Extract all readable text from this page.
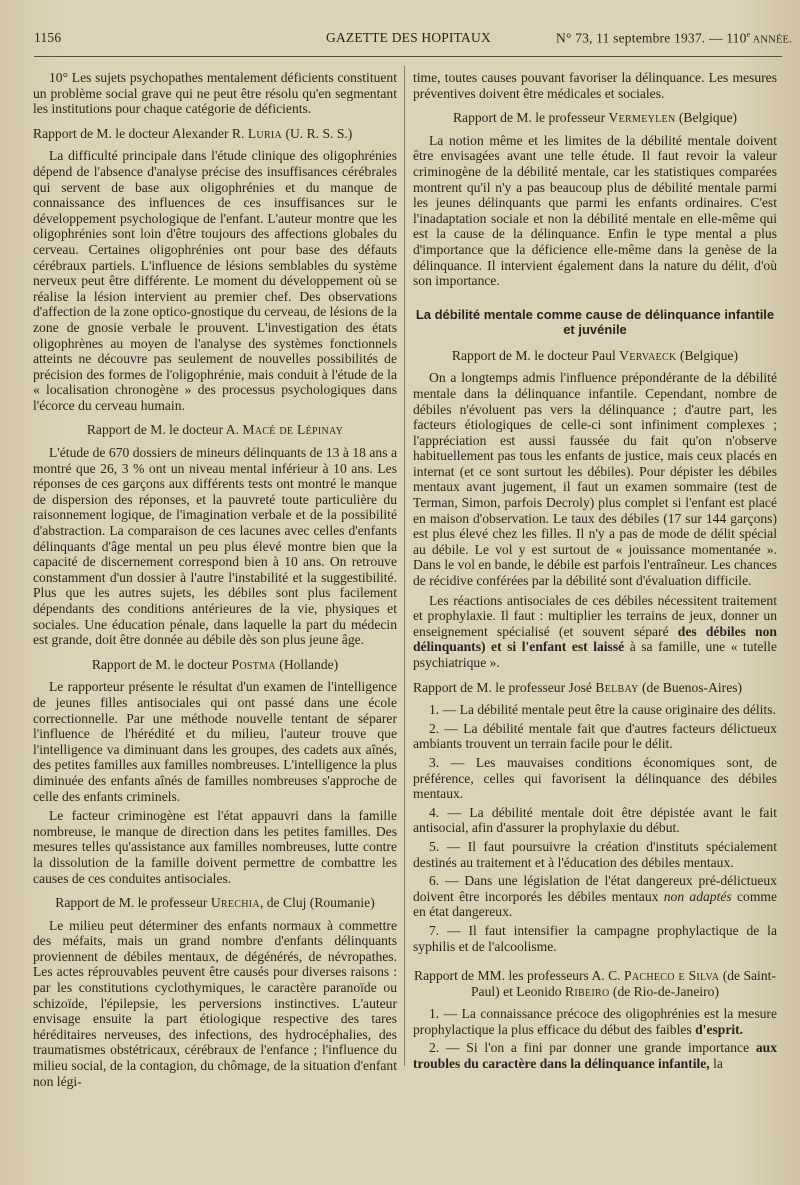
1156	GAZETTE DES HOPITAUX	N° 73, 11 septembre 1937. — 110e ANNÉE.

10° Les sujets psychopathes mentalement déficients constituent un problème social grave qui ne peut être résolu qu'en segmentant les institutions pour chaque catégorie de déficients.

Rapport de M. le docteur Alexander R. Luria (U. R. S. S.)

La difficulté principale dans l'étude clinique des oligophrénies dépend de l'absence d'analyse précise des insuffisances cérébrales qui servent de base aux oligophrénies et du manque de connaissance des influences de ces insuffisances sur le développement psychologique de l'enfant. L'auteur montre que les oligophrénies sont loin d'être toujours des affections globales du cerveau. Certaines oligophrénies ont pour base des défauts cérébraux partiels. L'influence de lésions semblables du système nerveux peut être différente. Le moment du développement où se réalise la lésion intervient au premier chef. Des observations d'affection de la zone optico-gnostique du cerveau, de lésions de la zone de gnosie verbale le prouvent. L'investigation des états oligophrènes au moyen de l'analyse des systèmes fonctionnels atteints ne découvre pas seulement de nouvelles possibilités de précision des formes de l'oligophrénie, mais conduit à l'étude de la « localisation chronogène » des processus psychologiques dans l'écorce du cerveau humain.

Rapport de M. le docteur A. Macé de Lépinay

L'étude de 670 dossiers de mineurs délinquants de 13 à 18 ans a montré que 26, 3 % ont un niveau mental inférieur à 10 ans. Les réponses de ces garçons aux différents tests ont montré le manque de dispersion des réponses, et la pauvreté toute particulière du raisonnement logique, de l'imagination verbale et de la possibilité d'abstraction. La comparaison de ces lacunes avec celles d'enfants délinquants d'âge mental un peu plus élevé montre bien que la capacité de discernement correspond bien à 10 ans. On retrouve constamment d'un dossier à l'autre l'instabilité et la suggestibilité. Plus que les autres sujets, les débiles sont plus facilement dépendants des conditions antérieures de la vie, physiques et sociales. Une éducation pénale, dans laquelle la part du médecin est grande, doit être donnée au débile dès son plus jeune âge.

Rapport de M. le docteur Postma (Hollande)

Le rapporteur présente le résultat d'un examen de l'intelligence de jeunes filles antisociales qui ont passé dans une école correctionnelle. Par une méthode nouvelle tentant de séparer l'influence de l'hérédité et du milieu, l'auteur trouve que l'intelligence va diminuant dans les groupes, des cadets aux aînés, des petites familles aux familles nombreuses. L'intelligence la plus diminuée des enfants aînés de familles nombreuses s'approche de celle des enfants criminels.

Le facteur criminogène est l'état appauvri dans la famille nombreuse, le manque de direction dans les petites familles. Des mesures telles qu'assistance aux familles nombreuses, lutte contre la dissolution de la famille doivent permettre de combattre les causes de ces conduites antisociales.

Rapport de M. le professeur Urechia, de Cluj (Roumanie)

Le milieu peut déterminer des enfants normaux à commettre des méfaits, mais un grand nombre d'enfants délinquants proviennent de débiles mentaux, de dégénérés, de névropathes. Les actes réprouvables peuvent être causés pour diverses raisons : par les constitutions cyclothymiques, le caractère paranoïde ou schizoïde, l'épilepsie, les perversions instinctives. L'auteur envisage ensuite la part étiologique respective des tares héréditaires nerveuses, des infections, des hydrocéphalies, des traumatismes obstétricaux, cérébraux de l'enfance ; l'influence du milieu social, de la contagion, du chômage, de la situation d'enfant non légi-

time, toutes causes pouvant favoriser la délinquance. Les mesures préventives doivent être médicales et sociales.

Rapport de M. le professeur Vermeylen (Belgique)

La notion même et les limites de la débilité mentale doivent être envisagées avant une telle étude. Il faut revoir la valeur criminogène de la débilité mentale, car les statistiques comparées montrent qu'il n'y a pas beaucoup plus de débilité mentale parmi les jeunes délinquants que parmi les enfants ordinaires. C'est l'inadaptation sociale et non la débilité mentale en elle-même qui est la cause de la délinquance. Enfin le type mental a plus d'importance que la déficience elle-même dans la genèse de la délinquance. Il intervient également dans la nature du délit, d'où son importance.

La débilité mentale comme cause de délinquance infantile
et juvénile

Rapport de M. le docteur Paul Vervaeck (Belgique)

On a longtemps admis l'influence prépondérante de la débilité mentale dans la délinquance infantile. Cependant, nombre de débiles n'évoluent pas vers la délinquance ; d'autre part, les facteurs étiologiques de celle-ci sont infiniment complexes ; l'appréciation est aussi faussée du fait qu'on n'observe habituellement pas tous les enfants de justice, mais ceux placés en internat (et ce sont surtout les débiles). Pour dépister les débiles mentaux avant jugement, il faut un examen sommaire (test de Terman, Simon, parfois Decroly) plus complet si l'enfant est placé en maison d'observation. Le taux des débiles (17 sur 144 garçons) est plus élevé chez les filles. Il n'y a pas de mode de délit spécial au débile. Le vol y est surtout de « jouissance momentanée ». Dans le vol en bande, le débile est parfois l'entraîneur. Les chances de récidive conférées par la débilité sont d'évaluation difficile.

Les réactions antisociales de ces débiles nécessitent traitement et prophylaxie. Il faut : multiplier les terrains de jeux, donner un enseignement spécialisé (et souvent séparé des débiles non délinquants) et si l'enfant est laissé à sa famille, une « tutelle psychiatrique ».

Rapport de M. le professeur José Belbay (de Buenos-Aires)

1. — La débilité mentale peut être la cause originaire des délits.

2. — La débilité mentale fait que d'autres facteurs délictueux ambiants trouvent un terrain facile pour le délit.

3. — Les mauvaises conditions économiques sont, de préférence, celles qui favorisent la délinquance des débiles mentaux.

4. — La débilité mentale doit être dépistée avant le fait antisocial, afin d'assurer la prophylaxie du début.

5. — Il faut poursuivre la création d'instituts spécialement destinés au traitement et à l'éducation des débiles mentaux.

6. — Dans une législation de l'état dangereux pré-délictueux doivent être incorporés les débiles mentaux non adaptés comme en état dangereux.

7. — Il faut intensifier la campagne prophylactique de la syphilis et de l'alcoolisme.

Rapport de MM. les professeurs A. C. Pacheco e Silva (de Saint-Paul) et Leonido Ribeiro (de Rio-de-Janeiro)

1. — La connaissance précoce des oligophrénies est la mesure prophylactique la plus efficace du début des faibles d'esprit.

2. — Si l'on a fini par donner une grande importance aux troubles du caractère dans la délinquance infantile, la
